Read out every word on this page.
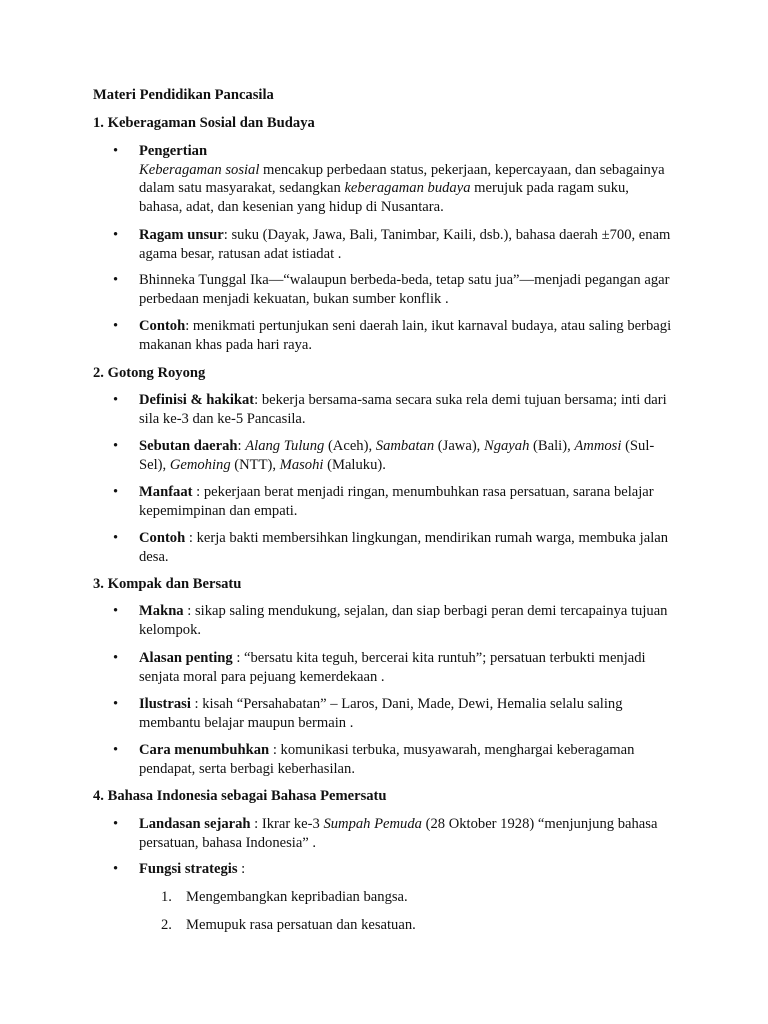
Materi Pendidikan Pancasila
1. Keberagaman Sosial dan Budaya
• Pengertian
Keberagaman sosial mencakup perbedaan status, pekerjaan, kepercayaan, dan sebagainya dalam satu masyarakat, sedangkan keberagaman budaya merujuk pada ragam suku, bahasa, adat, dan kesenian yang hidup di Nusantara.
• Ragam unsur: suku (Dayak, Jawa, Bali, Tanimbar, Kaili, dsb.), bahasa daerah ±700, enam agama besar, ratusan adat istiadat .
• Bhinneka Tunggal Ika—“walaupun berbeda-beda, tetap satu jua”—menjadi pegangan agar perbedaan menjadi kekuatan, bukan sumber konflik .
• Contoh: menikmati pertunjukan seni daerah lain, ikut karnaval budaya, atau saling berbagi makanan khas pada hari raya.
2. Gotong Royong
• Definisi & hakikat: bekerja bersama-sama secara suka rela demi tujuan bersama; inti dari sila ke-3 dan ke-5 Pancasila.
• Sebutan daerah: Alang Tulung (Aceh), Sambatan (Jawa), Ngayah (Bali), Ammosi (Sul-Sel), Gemohing (NTT), Masohi (Maluku).
• Manfaat : pekerjaan berat menjadi ringan, menumbuhkan rasa persatuan, sarana belajar kepemimpinan dan empati.
• Contoh : kerja bakti membersihkan lingkungan, mendirikan rumah warga, membuka jalan desa.
3. Kompak dan Bersatu
• Makna : sikap saling mendukung, sejalan, dan siap berbagi peran demi tercapainya tujuan kelompok.
• Alasan penting : “bersatu kita teguh, bercerai kita runtuh”; persatuan terbukti menjadi senjata moral para pejuang kemerdekaan .
• Ilustrasi : kisah “Persahabatan” – Laros, Dani, Made, Dewi, Hemalia selalu saling membantu belajar maupun bermain .
• Cara menumbuhkan : komunikasi terbuka, musyawarah, menghargai keberagaman pendapat, serta berbagi keberhasilan.
4. Bahasa Indonesia sebagai Bahasa Pemersatu
• Landasan sejarah : Ikrar ke-3 Sumpah Pemuda (28 Oktober 1928) “menjunjung bahasa persatuan, bahasa Indonesia” .
• Fungsi strategis :
1. Mengembangkan kepribadian bangsa.
2. Memupuk rasa persatuan dan kesatuan.
